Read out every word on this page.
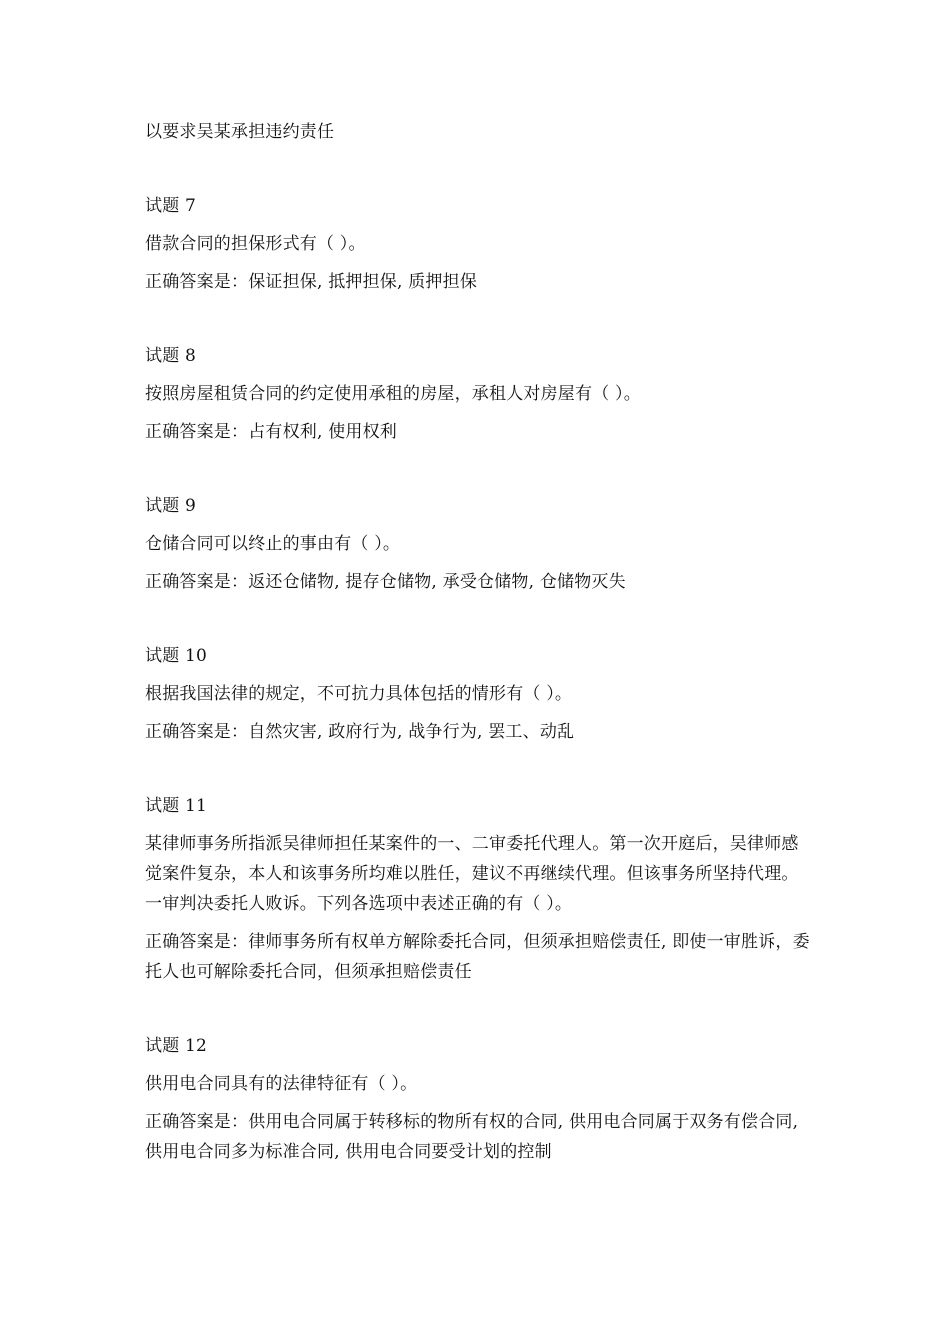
以要求吴某承担违约责任

试题 7

借款合同的担保形式有（ ）。

正确答案是：保证担保, 抵押担保, 质押担保

试题 8

按照房屋租赁合同的约定使用承租的房屋，承租人对房屋有（ ）。

正确答案是：占有权利, 使用权利

试题 9

仓储合同可以终止的事由有（ ）。

正确答案是：返还仓储物, 提存仓储物, 承受仓储物, 仓储物灭失

试题 10

根据我国法律的规定，不可抗力具体包括的情形有（ ）。

正确答案是：自然灾害, 政府行为, 战争行为, 罢工、动乱

试题 11

某律师事务所指派吴律师担任某案件的一、二审委托代理人。第一次开庭后，吴律师感觉案件复杂，本人和该事务所均难以胜任，建议不再继续代理。但该事务所坚持代理。一审判决委托人败诉。下列各选项中表述正确的有（ ）。

正确答案是：律师事务所有权单方解除委托合同，但须承担赔偿责任, 即使一审胜诉，委托人也可解除委托合同，但须承担赔偿责任

试题 12

供用电合同具有的法律特征有（ ）。

正确答案是：供用电合同属于转移标的物所有权的合同, 供用电合同属于双务有偿合同, 供用电合同多为标准合同, 供用电合同要受计划的控制
